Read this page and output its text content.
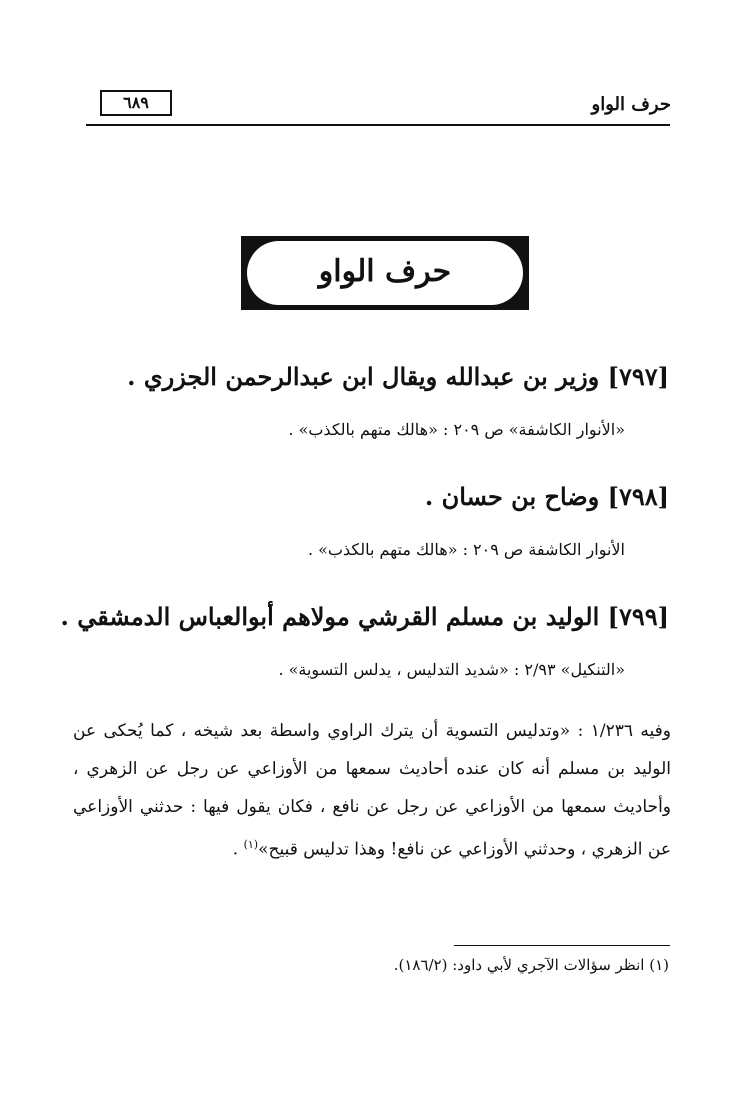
حرف الواو
٦٨٩
حرف الواو
[٧٩٧] وزير بن عبدالله ويقال ابن عبدالرحمن الجزري .
«الأنوار الكاشفة» ص ٢٠٩ : «هالك متهم بالكذب» .
[٧٩٨] وضاح بن حسان .
الأنوار الكاشفة ص ٢٠٩ : «هالك متهم بالكذب» .
[٧٩٩] الوليد بن مسلم القرشي مولاهم أبوالعباس الدمشقي .
«التنكيل» ٢/٩٣ : «شديد التدليس ، يدلس التسوية» .
وفيه ١/٢٣٦ : «وتدليس التسوية أن يترك الراوي واسطة بعد شيخه ، كما يُحكى عن الوليد بن مسلم أنه كان عنده أحاديث سمعها من الأوزاعي عن رجل عن الزهري ، وأحاديث سمعها من الأوزاعي عن رجل عن نافع ، فكان يقول فيها : حدثني الأوزاعي عن الزهري ، وحدثني الأوزاعي عن نافع! وهذا تدليس قبيح»$^{(١)}$ .
(١) انظر سؤالات الآجري لأبي داود: (١٨٦/٢).
